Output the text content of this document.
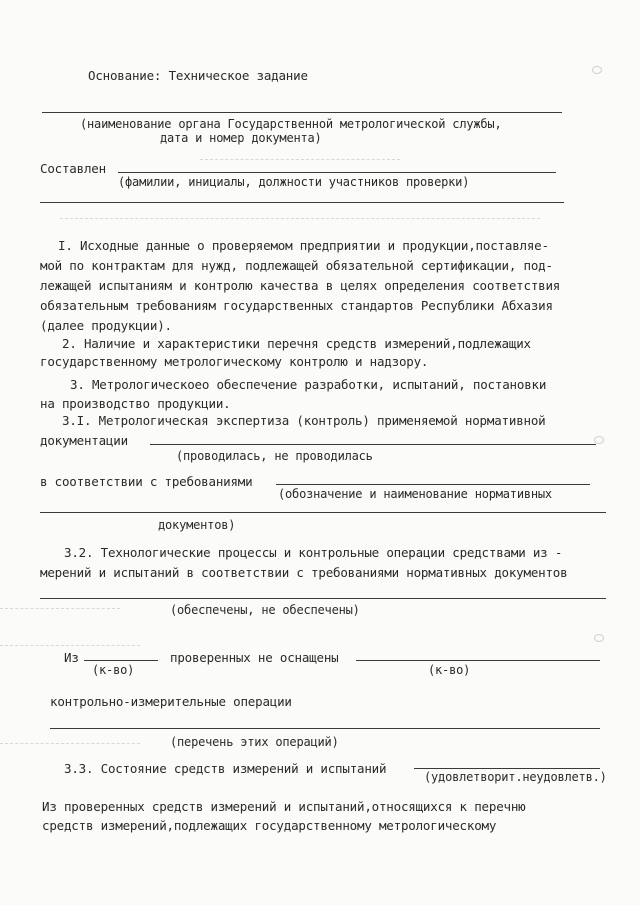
Основание: Техническое задание
(наименование органа Государственной метрологической службы,
дата и номер документа)
Составлен
(фамилии, инициалы, должности участников проверки)
I. Исходные данные о проверяемом предприятии и продукции,поставляе-
мой по контрактам для нужд, подлежащей обязательной сертификации, под-
лежащей испытаниям и контролю качества в целях определения соответствия
обязательным требованиям государственных стандартов Республики Абхазия
(далее продукции).
2. Наличие и характеристики перечня средств измерений,подлежащих
государственному метрологическому контролю и надзору.
3. Метрологическоео обеспечение разработки, испытаний, постановки
на производство продукции.
3.I. Метрологическая экспертиза (контроль) применяемой нормативной
документации
(проводилась, не проводилась
в соответствии с требованиями
(обозначение и наименование нормативных
документов)
3.2. Технологические процессы и контрольные операции средствами из -
мерений и испытаний в соответствии с требованиями нормативных документов
(обеспечены, не обеспечены)
Из
(к-во)
проверенных не оснащены
(к-во)
контрольно-измерительные операции
(перечень этих операций)
3.3. Состояние средств измерений и испытаний
(удовлетворит.неудовлетв.)
Из проверенных средств измерений и испытаний,относящихся к перечню
средств измерений,подлежащих государственному метрологическому
